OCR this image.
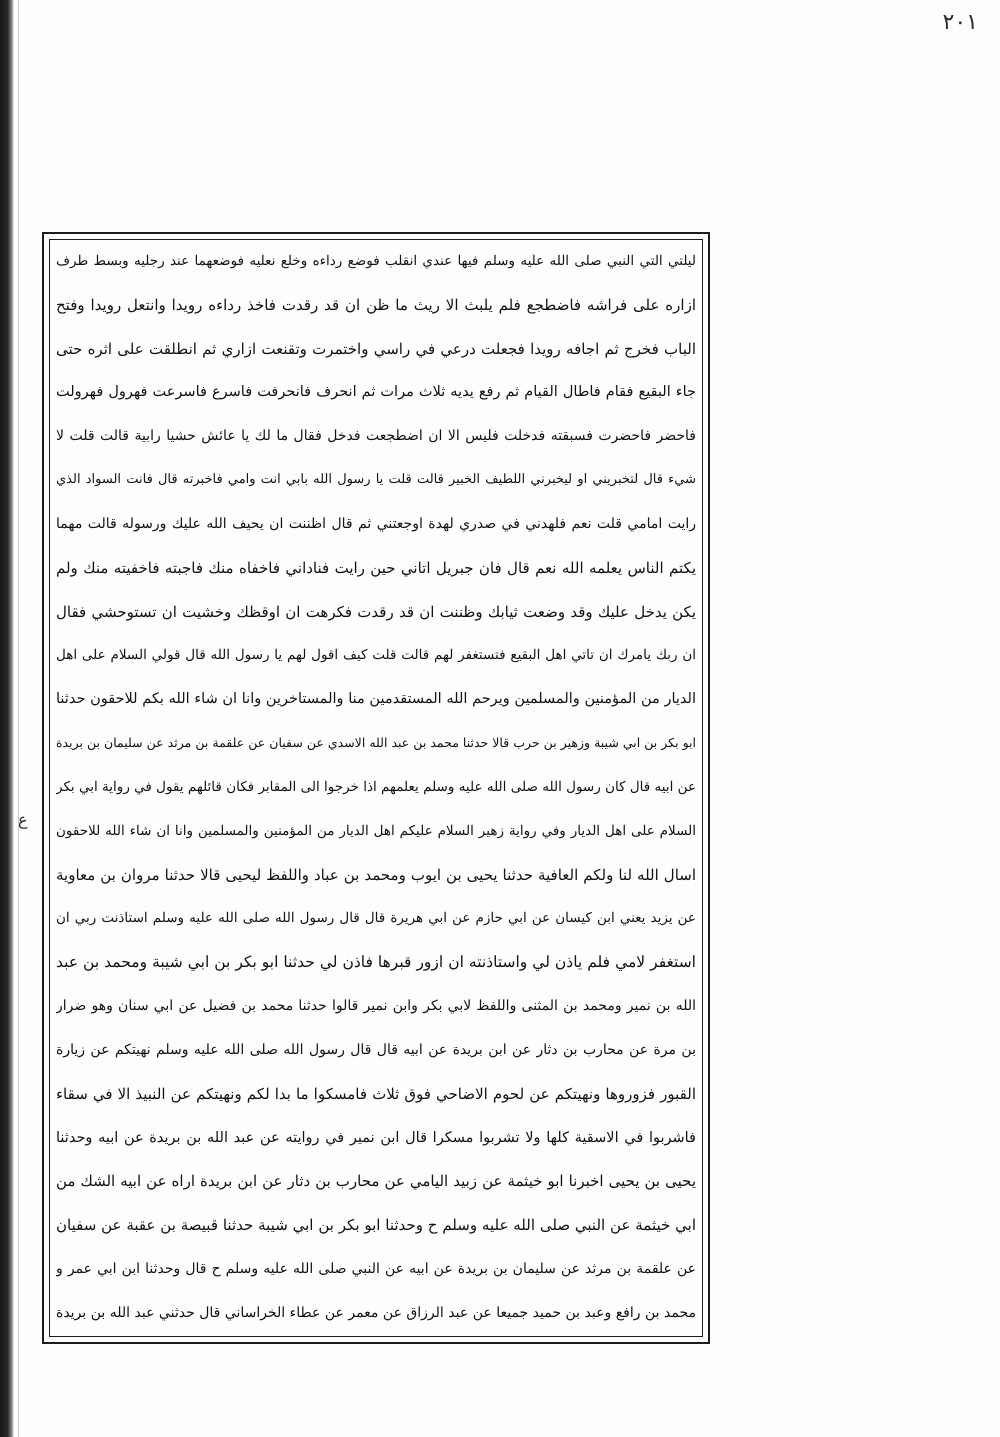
٢٠١
ع
ليلتي التي النبي صلى الله عليه وسلم فيها عندي انقلب فوضع رداءه وخلع نعليه فوضعهما عند رجليه وبسط طرف
ازاره على فراشه فاضطجع فلم يلبث الا ريث ما ظن ان قد رقدت فاخذ رداءه رويدا وانتعل رويدا وفتح
الباب فخرج ثم اجافه رويدا فجعلت درعي في راسي واختمرت وتقنعت ازاري ثم انطلقت على اثره حتى
جاء البقيع فقام فاطال القيام ثم رفع يديه ثلاث مرات ثم انحرف فانحرفت فاسرع فاسرعت فهرول فهرولت
فاحضر فاحضرت فسبقته فدخلت فليس الا ان اضطجعت فدخل فقال ما لك يا عائش حشيا رابية قالت قلت لا
شيء قال لتخبريني او ليخبرني اللطيف الخبير قالت قلت يا رسول الله بابي انت وامي فاخبرته قال فانت السواد الذي
رايت امامي قلت نعم فلهدني في صدري لهدة اوجعتني ثم قال اظننت ان يحيف الله عليك ورسوله قالت مهما
يكتم الناس يعلمه الله نعم قال فان جبريل اتاني حين رايت فناداني فاخفاه منك فاجبته فاخفيته منك ولم
يكن يدخل عليك وقد وضعت ثيابك وظننت ان قد رقدت فكرهت ان اوقظك وخشيت ان تستوحشي فقال
ان ربك يامرك ان تاتي اهل البقيع فتستغفر لهم قالت قلت كيف اقول لهم يا رسول الله قال قولي السلام على اهل
الديار من المؤمنين والمسلمين ويرحم الله المستقدمين منا والمستاخرين وانا ان شاء الله بكم للاحقون حدثنا
ابو بكر بن ابي شيبة وزهير بن حرب قالا حدثنا محمد بن عبد الله الاسدي عن سفيان عن علقمة بن مرثد عن سليمان بن بريدة
عن ابيه قال كان رسول الله صلى الله عليه وسلم يعلمهم اذا خرجوا الى المقابر فكان قائلهم يقول في رواية ابي بكر
السلام على اهل الديار وفي رواية زهير السلام عليكم اهل الديار من المؤمنين والمسلمين وانا ان شاء الله للاحقون
اسال الله لنا ولكم العافية حدثنا يحيى بن ايوب ومحمد بن عباد واللفظ ليحيى قالا حدثنا مروان بن معاوية
عن يزيد يعني ابن كيسان عن ابي حازم عن ابي هريرة قال قال رسول الله صلى الله عليه وسلم استاذنت ربي ان
استغفر لامي فلم ياذن لي واستاذنته ان ازور قبرها فاذن لي حدثنا ابو بكر بن ابي شيبة ومحمد بن عبد
الله بن نمير ومحمد بن المثنى واللفظ لابي بكر وابن نمير قالوا حدثنا محمد بن فضيل عن ابي سنان وهو ضرار
بن مرة عن محارب بن دثار عن ابن بريدة عن ابيه قال قال رسول الله صلى الله عليه وسلم نهيتكم عن زيارة
القبور فزوروها ونهيتكم عن لحوم الاضاحي فوق ثلاث فامسكوا ما بدا لكم ونهيتكم عن النبيذ الا في سقاء
فاشربوا في الاسقية كلها ولا تشربوا مسكرا قال ابن نمير في روايته عن عبد الله بن بريدة عن ابيه وحدثنا
يحيى بن يحيى اخبرنا ابو خيثمة عن زبيد اليامي عن محارب بن دثار عن ابن بريدة اراه عن ابيه الشك من
ابي خيثمة عن النبي صلى الله عليه وسلم ح وحدثنا ابو بكر بن ابي شيبة حدثنا قبيصة بن عقبة عن سفيان
عن علقمة بن مرثد عن سليمان بن بريدة عن ابيه عن النبي صلى الله عليه وسلم ح قال وحدثنا ابن ابي عمر و
محمد بن رافع وعبد بن حميد جميعا عن عبد الرزاق عن معمر عن عطاء الخراساني قال حدثني عبد الله بن بريدة
